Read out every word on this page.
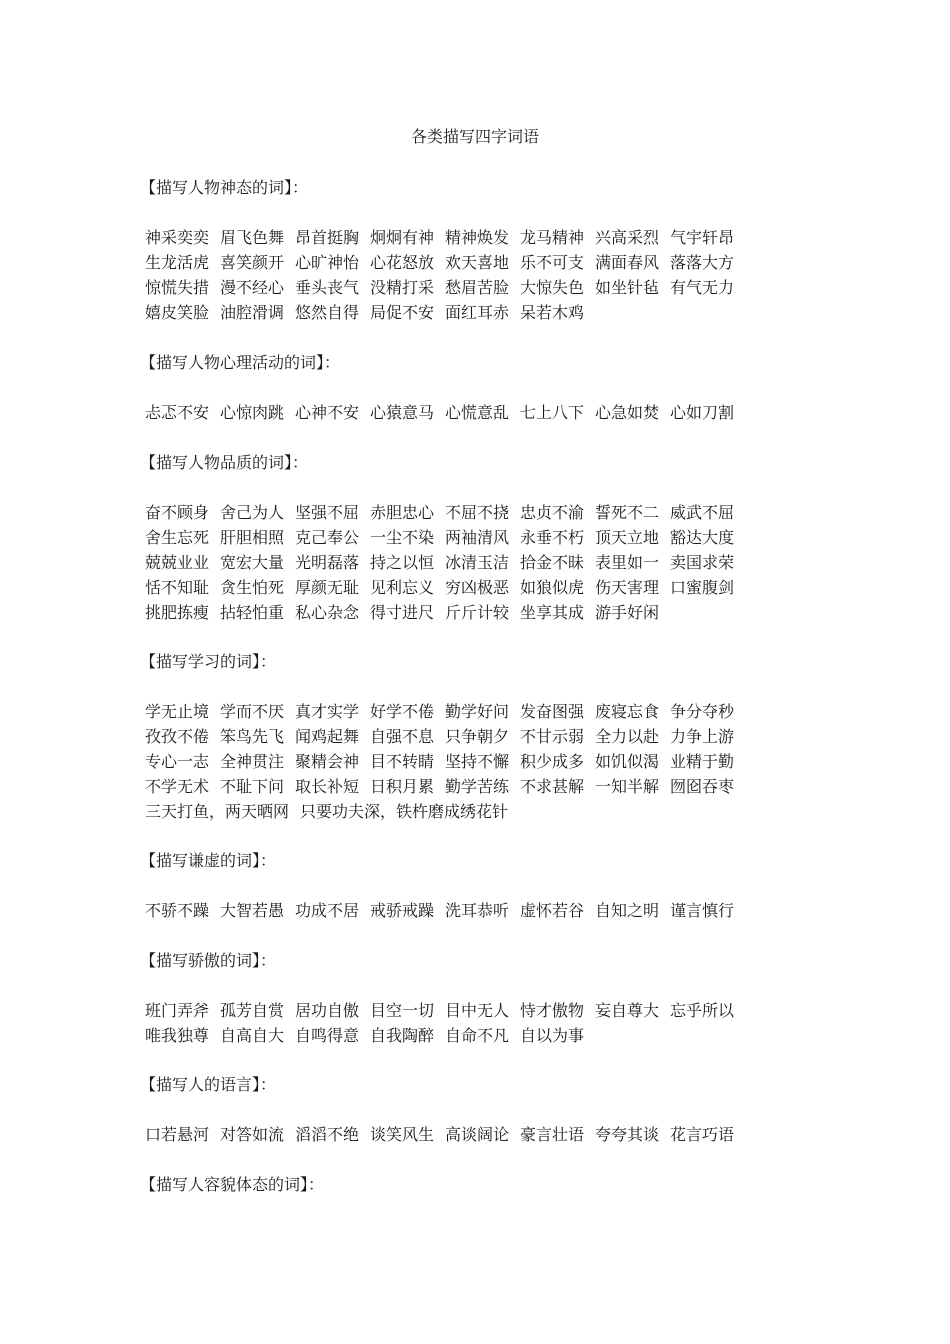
各类描写四字词语
【描写人物神态的词】：
神采奕奕 眉飞色舞 昂首挺胸 炯炯有神 精神焕发 龙马精神 兴高采烈 气宇轩昂
生龙活虎 喜笑颜开 心旷神怡 心花怒放 欢天喜地 乐不可支 满面春风 落落大方
惊慌失措 漫不经心 垂头丧气 没精打采 愁眉苦脸 大惊失色 如坐针毡 有气无力
嬉皮笑脸 油腔滑调 悠然自得 局促不安 面红耳赤 呆若木鸡
【描写人物心理活动的词】：
忐忑不安 心惊肉跳 心神不安 心猿意马 心慌意乱 七上八下 心急如焚 心如刀割
【描写人物品质的词】：
奋不顾身 舍己为人 坚强不屈 赤胆忠心 不屈不挠 忠贞不渝 誓死不二 威武不屈
舍生忘死 肝胆相照 克己奉公 一尘不染 两袖清风 永垂不朽 顶天立地 豁达大度
兢兢业业 宽宏大量 光明磊落 持之以恒 冰清玉洁 拾金不昧 表里如一 卖国求荣
恬不知耻 贪生怕死 厚颜无耻 见利忘义 穷凶极恶 如狼似虎 伤天害理 口蜜腹剑
挑肥拣瘦 拈轻怕重 私心杂念 得寸进尺 斤斤计较 坐享其成 游手好闲
【描写学习的词】：
学无止境 学而不厌 真才实学 好学不倦 勤学好问 发奋图强 废寝忘食 争分夺秒
孜孜不倦 笨鸟先飞 闻鸡起舞 自强不息 只争朝夕 不甘示弱 全力以赴 力争上游
专心一志 全神贯注 聚精会神 目不转睛 坚持不懈 积少成多 如饥似渴 业精于勤
不学无术 不耻下问 取长补短 日积月累 勤学苦练 不求甚解 一知半解 囫囵吞枣
三天打鱼，两天晒网 只要功夫深，铁杵磨成绣花针
【描写谦虚的词】：
不骄不躁 大智若愚 功成不居 戒骄戒躁 洗耳恭听 虚怀若谷 自知之明 谨言慎行
【描写骄傲的词】：
班门弄斧 孤芳自赏 居功自傲 目空一切 目中无人 恃才傲物 妄自尊大 忘乎所以
唯我独尊 自高自大 自鸣得意 自我陶醉 自命不凡 自以为事
【描写人的语言】：
口若悬河 对答如流 滔滔不绝 谈笑风生 高谈阔论 豪言壮语 夸夸其谈 花言巧语
【描写人容貌体态的词】：
